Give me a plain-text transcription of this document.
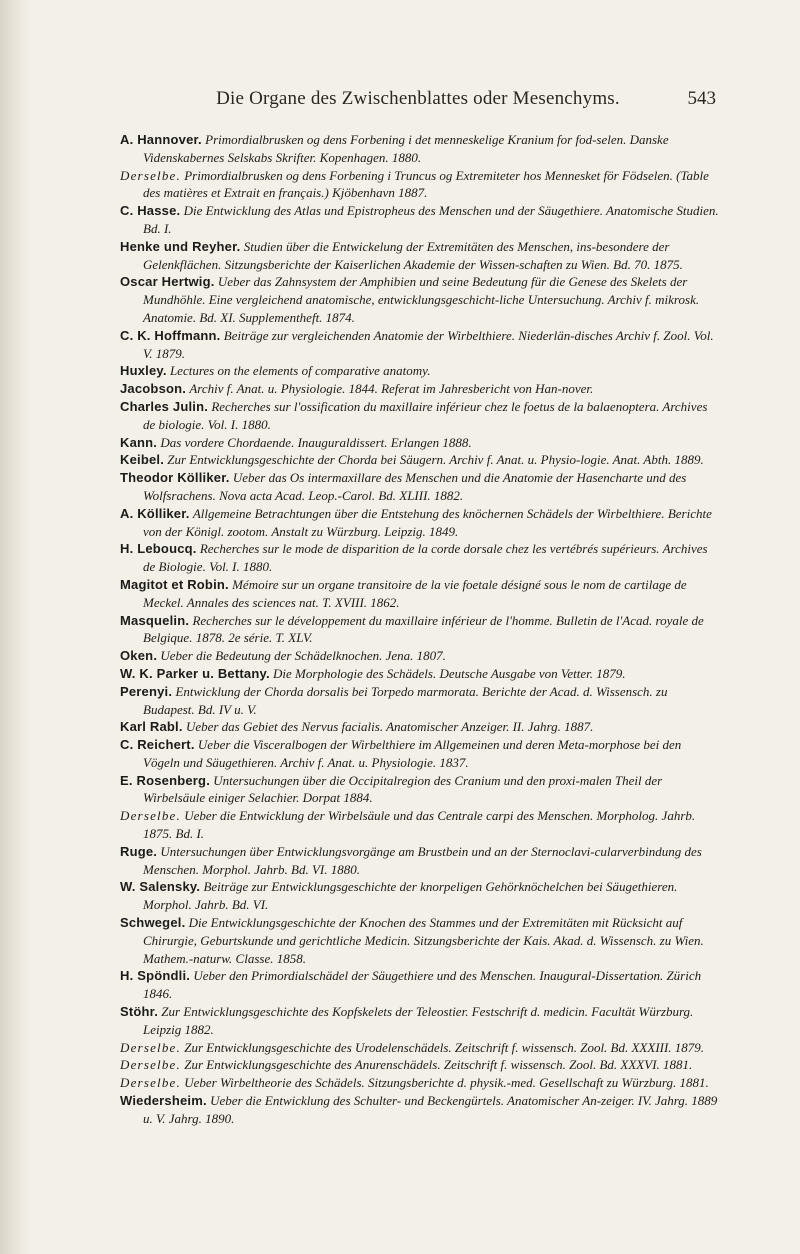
Die Organe des Zwischenblattes oder Mesenchyms.	543
A. Hannover. Primordialbrusken og dens Forbening i det menneskelige Kranium for fod-selen. Danske Videnskabernes Selskabs Skrifter. Kopenhagen. 1880.
Derselbe. Primordialbrusken og dens Forbening i Truncus og Extremiteter hos Mennesket för Födselen. (Table des matières et Extrait en français.) Kjöbenhavn 1887.
C. Hasse. Die Entwicklung des Atlas und Epistropheus des Menschen und der Säugethiere. Anatomische Studien. Bd. I.
Henke und Reyher. Studien über die Entwickelung der Extremitäten des Menschen, ins-besondere der Gelenkflächen. Sitzungsberichte der Kaiserlichen Akademie der Wissen-schaften zu Wien. Bd. 70. 1875.
Oscar Hertwig. Ueber das Zahnsystem der Amphibien und seine Bedeutung für die Genese des Skelets der Mundhöhle. Eine vergleichend anatomische, entwicklungsgeschicht-liche Untersuchung. Archiv f. mikrosk. Anatomie. Bd. XI. Supplementheft. 1874.
C. K. Hoffmann. Beiträge zur vergleichenden Anatomie der Wirbelthiere. Niederlän-disches Archiv f. Zool. Vol. V. 1879.
Huxley. Lectures on the elements of comparative anatomy.
Jacobson. Archiv f. Anat. u. Physiologie. 1844. Referat im Jahresbericht von Han-nover.
Charles Julin. Recherches sur l'ossification du maxillaire inférieur chez le foetus de la balaenoptera. Archives de biologie. Vol. I. 1880.
Kann. Das vordere Chordaende. Inauguraldissert. Erlangen 1888.
Keibel. Zur Entwicklungsgeschichte der Chorda bei Säugern. Archiv f. Anat. u. Physio-logie. Anat. Abth. 1889.
Theodor Kölliker. Ueber das Os intermaxillare des Menschen und die Anatomie der Hasencharte und des Wolfsrachens. Nova acta Acad. Leop.-Carol. Bd. XLIII. 1882.
A. Kölliker. Allgemeine Betrachtungen über die Entstehung des knöchernen Schädels der Wirbelthiere. Berichte von der Königl. zootom. Anstalt zu Würzburg. Leipzig. 1849.
H. Leboucq. Recherches sur le mode de disparition de la corde dorsale chez les vertébrés supérieurs. Archives de Biologie. Vol. I. 1880.
Magitot et Robin. Mémoire sur un organe transitoire de la vie foetale désigné sous le nom de cartilage de Meckel. Annales des sciences nat. T. XVIII. 1862.
Masquelin. Recherches sur le développement du maxillaire inférieur de l'homme. Bulletin de l'Acad. royale de Belgique. 1878. 2e série. T. XLV.
Oken. Ueber die Bedeutung der Schädelknochen. Jena. 1807.
W. K. Parker u. Bettany. Die Morphologie des Schädels. Deutsche Ausgabe von Vetter. 1879.
Perenyi. Entwicklung der Chorda dorsalis bei Torpedo marmorata. Berichte der Acad. d. Wissensch. zu Budapest. Bd. IV u. V.
Karl Rabl. Ueber das Gebiet des Nervus facialis. Anatomischer Anzeiger. II. Jahrg. 1887.
C. Reichert. Ueber die Visceralbogen der Wirbelthiere im Allgemeinen und deren Meta-morphose bei den Vögeln und Säugethieren. Archiv f. Anat. u. Physiologie. 1837.
E. Rosenberg. Untersuchungen über die Occipitalregion des Cranium und den proxi-malen Theil der Wirbelsäule einiger Selachier. Dorpat 1884.
Derselbe. Ueber die Entwicklung der Wirbelsäule und das Centrale carpi des Menschen. Morpholog. Jahrb. 1875. Bd. I.
Ruge. Untersuchungen über Entwicklungsvorgänge am Brustbein und an der Sternoclavi-cularverbindung des Menschen. Morphol. Jahrb. Bd. VI. 1880.
W. Salensky. Beiträge zur Entwicklungsgeschichte der knorpeligen Gehörknöchelchen bei Säugethieren. Morphol. Jahrb. Bd. VI.
Schwegel. Die Entwicklungsgeschichte der Knochen des Stammes und der Extremitäten mit Rücksicht auf Chirurgie, Geburtskunde und gerichtliche Medicin. Sitzungsberichte der Kais. Akad. d. Wissensch. zu Wien. Mathem.-naturw. Classe. 1858.
H. Spöndli. Ueber den Primordialschädel der Säugethiere und des Menschen. Inaugural-Dissertation. Zürich 1846.
Stöhr. Zur Entwicklungsgeschichte des Kopfskelets der Teleostier. Festschrift d. medicin. Facultät Würzburg. Leipzig 1882.
Derselbe. Zur Entwicklungsgeschichte des Urodelenschädels. Zeitschrift f. wissensch. Zool. Bd. XXXIII. 1879.
Derselbe. Zur Entwicklungsgeschichte des Anurenschädels. Zeitschrift f. wissensch. Zool. Bd. XXXVI. 1881.
Derselbe. Ueber Wirbeltheorie des Schädels. Sitzungsberichte d. physik.-med. Gesellschaft zu Würzburg. 1881.
Wiedersheim. Ueber die Entwicklung des Schulter- und Beckengürtels. Anatomischer An-zeiger. IV. Jahrg. 1889 u. V. Jahrg. 1890.
